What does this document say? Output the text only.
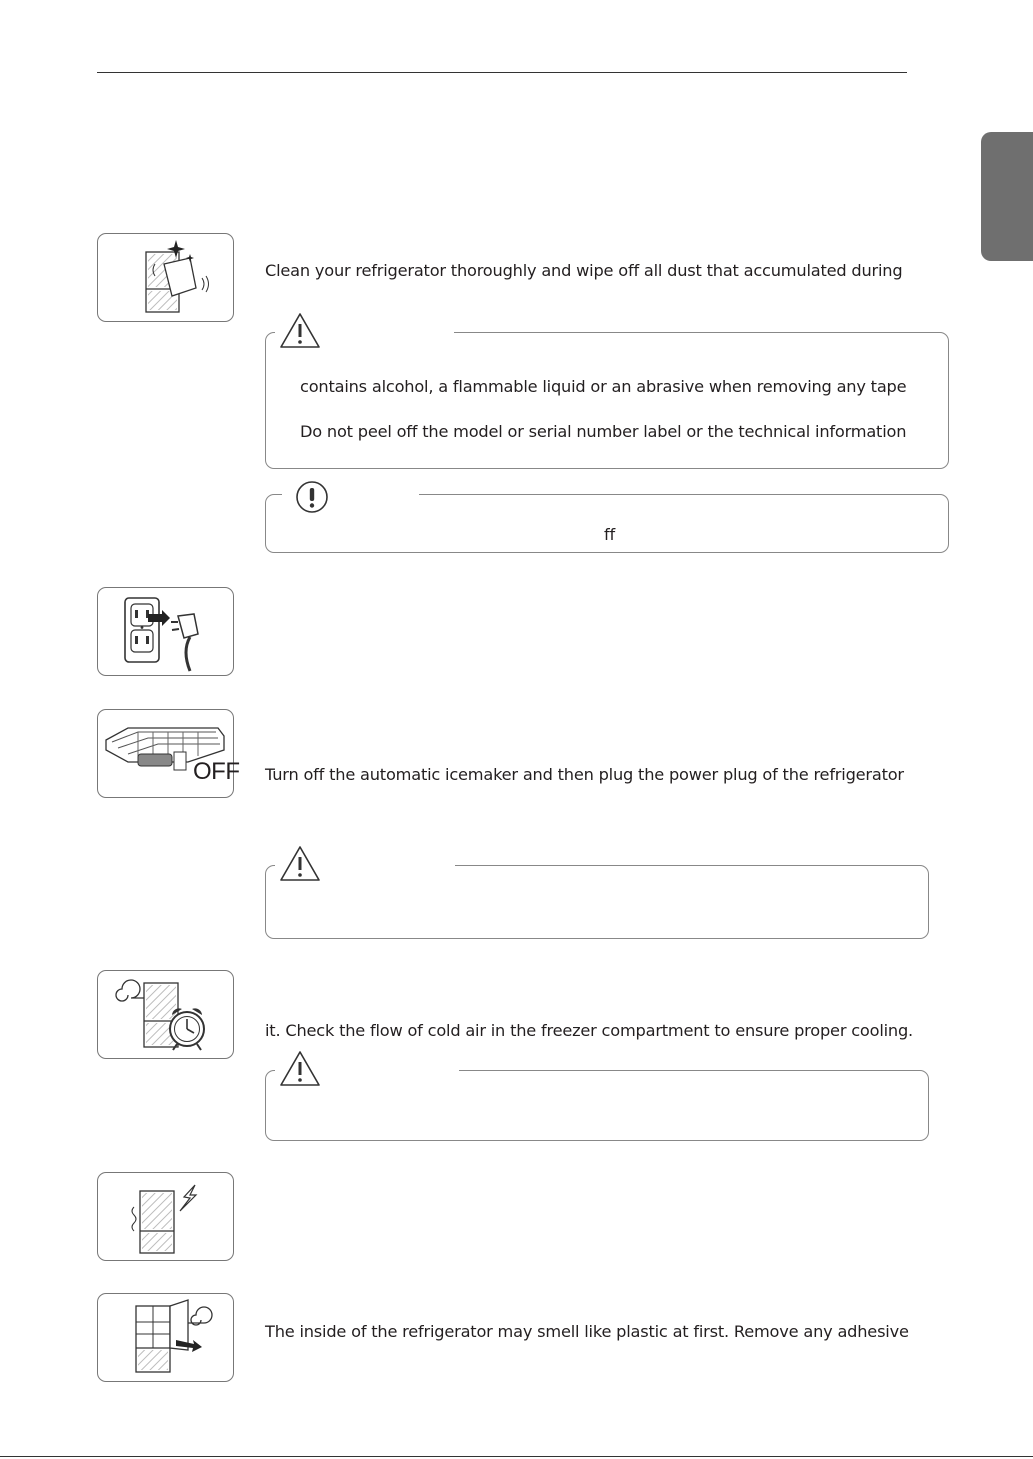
Clean your refrigerator thoroughly and wipe off all dust that accumulated during
contains alcohol, a flammable liquid or an abrasive when removing any tape
Do not peel off the model or serial number label or the technical information
ff
OFF Turn off the automatic icemaker and then plug the power plug of the refrigerator
it. Check the flow of cold air in the freezer compartment to ensure proper cooling.
The inside of the refrigerator may smell like plastic at first. Remove any adhesive
